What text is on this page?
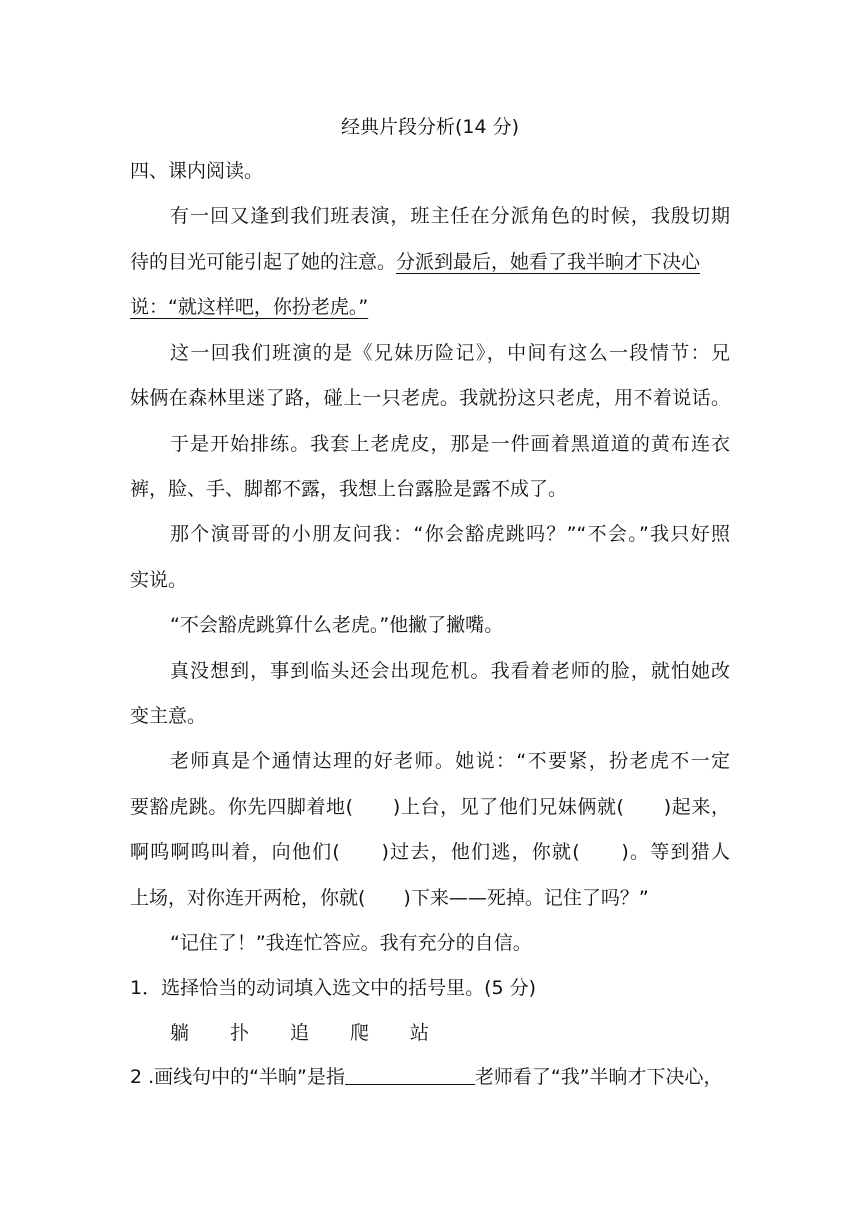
经典片段分析(14 分)
四、课内阅读。
有一回又逢到我们班表演，班主任在分派角色的时候，我殷切期
待的目光可能引起了她的注意。分派到最后，她看了我半晌才下决心
说：“就这样吧，你扮老虎。”
这一回我们班演的是《兄妹历险记》，中间有这么一段情节：兄
妹俩在森林里迷了路，碰上一只老虎。我就扮这只老虎，用不着说话。
于是开始排练。我套上老虎皮，那是一件画着黑道道的黄布连衣
裤，脸、手、脚都不露，我想上台露脸是露不成了。
那个演哥哥的小朋友问我：“你会豁虎跳吗？”“不会。”我只好照
实说。
“不会豁虎跳算什么老虎。”他撇了撇嘴。
真没想到，事到临头还会出现危机。我看着老师的脸，就怕她改
变主意。
老师真是个通情达理的好老师。她说：“不要紧，扮老虎不一定
要豁虎跳。你先四脚着地(　　)上台，见了他们兄妹俩就(　　)起来，
啊呜啊呜叫着，向他们(　　)过去，他们逃，你就(　　)。等到猎人
上场，对你连开两枪，你就(　　)下来——死掉。记住了吗？”
“记住了！”我连忙答应。我有充分的自信。
1．选择恰当的动词填入选文中的括号里。(5 分)
躺 扑 追 爬 站
2 .画线句中的“半晌”是指	老师看了“我”半晌才下决心，
